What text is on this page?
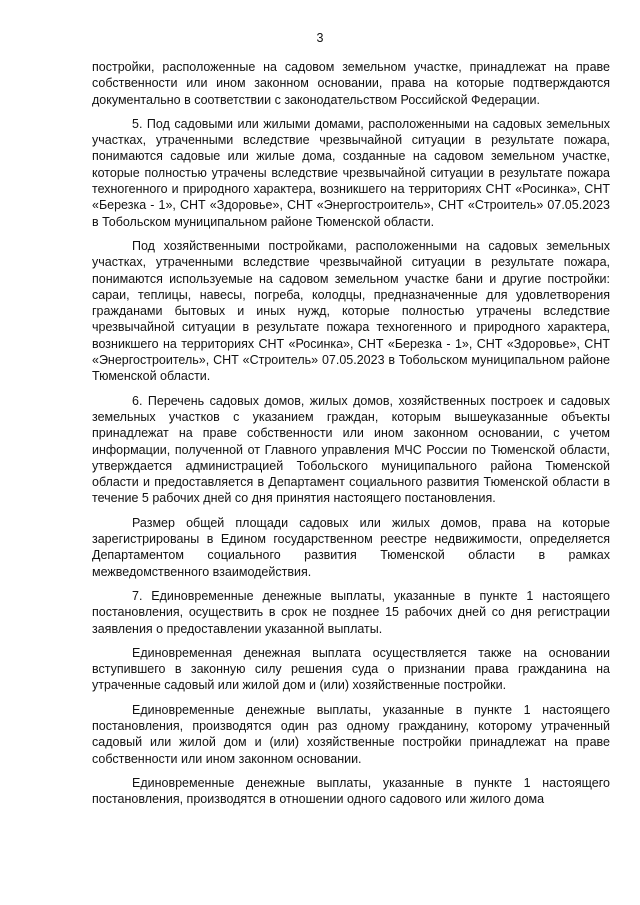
3

постройки, расположенные на садовом земельном участке, принадлежат на праве собственности или ином законном основании, права на которые подтверждаются документально в соответствии с законодательством Российской Федерации.

5. Под садовыми или жилыми домами, расположенными на садовых земельных участках, утраченными вследствие чрезвычайной ситуации в результате пожара, понимаются садовые или жилые дома, созданные на садовом земельном участке, которые полностью утрачены вследствие чрезвычайной ситуации в результате пожара техногенного и природного характера, возникшего на территориях СНТ «Росинка», СНТ «Березка - 1», СНТ «Здоровье», СНТ «Энергостроитель», СНТ «Строитель» 07.05.2023 в Тобольском муниципальном районе Тюменской области.

Под хозяйственными постройками, расположенными на садовых земельных участках, утраченными вследствие чрезвычайной ситуации в результате пожара, понимаются используемые на садовом земельном участке бани и другие постройки: сараи, теплицы, навесы, погреба, колодцы, предназначенные для удовлетворения гражданами бытовых и иных нужд, которые полностью утрачены вследствие чрезвычайной ситуации в результате пожара техногенного и природного характера, возникшего на территориях СНТ «Росинка», СНТ «Березка - 1», СНТ «Здоровье», СНТ «Энергостроитель», СНТ «Строитель» 07.05.2023 в Тобольском муниципальном районе Тюменской области.

6. Перечень садовых домов, жилых домов, хозяйственных построек и садовых земельных участков с указанием граждан, которым вышеуказанные объекты принадлежат на праве собственности или ином законном основании, с учетом информации, полученной от Главного управления МЧС России по Тюменской области, утверждается администрацией Тобольского муниципального района Тюменской области и предоставляется в Департамент социального развития Тюменской области в течение 5 рабочих дней со дня принятия настоящего постановления.

Размер общей площади садовых или жилых домов, права на которые зарегистрированы в Едином государственном реестре недвижимости, определяется Департаментом социального развития Тюменской области в рамках межведомственного взаимодействия.

7. Единовременные денежные выплаты, указанные в пункте 1 настоящего постановления, осуществить в срок не позднее 15 рабочих дней со дня регистрации заявления о предоставлении указанной выплаты.

Единовременная денежная выплата осуществляется также на основании вступившего в законную силу решения суда о признании права гражданина на утраченные садовый или жилой дом и (или) хозяйственные постройки.

Единовременные денежные выплаты, указанные в пункте 1 настоящего постановления, производятся один раз одному гражданину, которому утраченный садовый или жилой дом и (или) хозяйственные постройки принадлежат на праве собственности или ином законном основании.

Единовременные денежные выплаты, указанные в пункте 1 настоящего постановления, производятся в отношении одного садового или жилого дома
